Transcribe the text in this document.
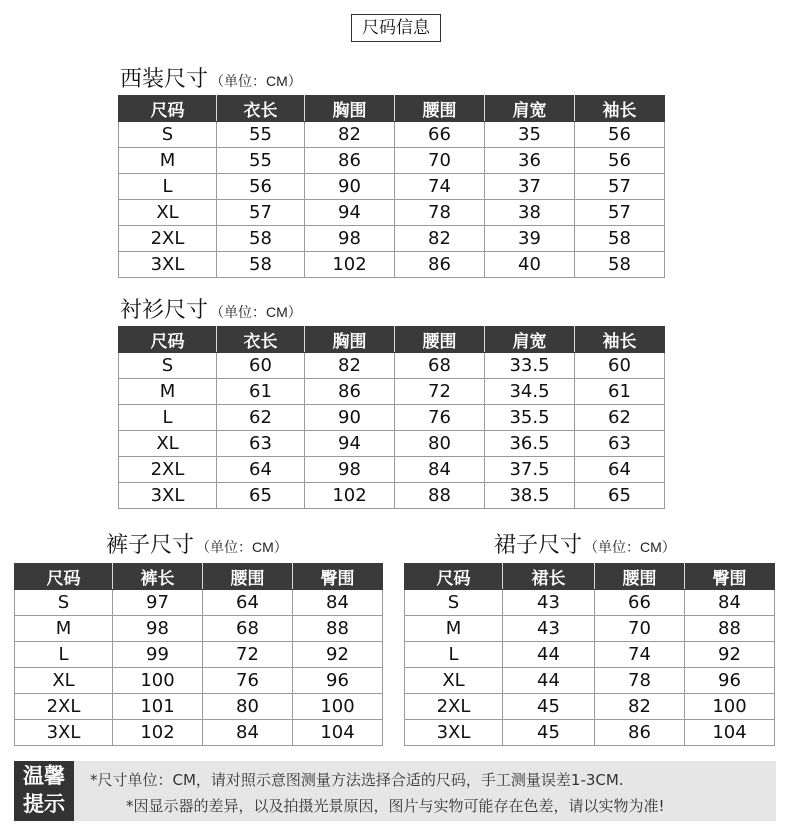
尺码信息
西装尺寸 （单位：CM）
尺码	衣长	胸围	腰围	肩宽	袖长
S	55	82	66	35	56
M	55	86	70	36	56
L	56	90	74	37	57
XL	57	94	78	38	57
2XL	58	98	82	39	58
3XL	58	102	86	40	58
衬衫尺寸 （单位：CM）
尺码	衣长	胸围	腰围	肩宽	袖长
S	60	82	68	33.5	60
M	61	86	72	34.5	61
L	62	90	76	35.5	62
XL	63	94	80	36.5	63
2XL	64	98	84	37.5	64
3XL	65	102	88	38.5	65
裤子尺寸 （单位：CM）
尺码	裤长	腰围	臀围
S	97	64	84
M	98	68	88
L	99	72	92
XL	100	76	96
2XL	101	80	100
3XL	102	84	104
裙子尺寸 （单位：CM）
尺码	裙长	腰围	臀围
S	43	66	84
M	43	70	88
L	44	74	92
XL	44	78	96
2XL	45	82	100
3XL	45	86	104
温馨
提示
*尺寸单位：CM，请对照示意图测量方法选择合适的尺码，手工测量误差1-3CM.
*因显示器的差异，以及拍摄光景原因，图片与实物可能存在色差，请以实物为准!
